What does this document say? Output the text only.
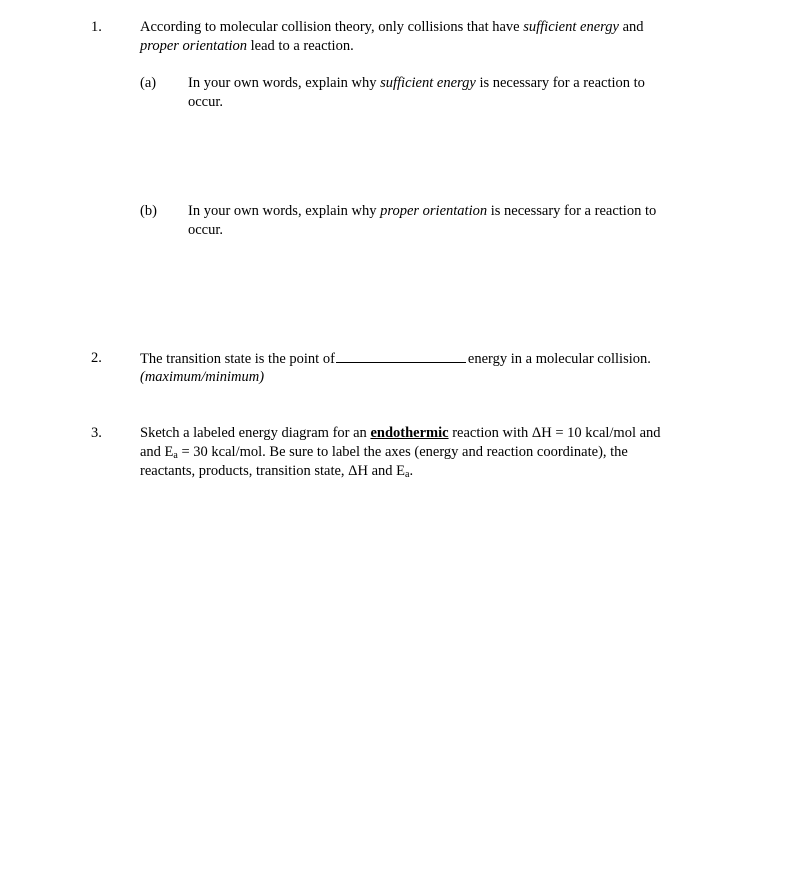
1.	According to molecular collision theory, only collisions that have sufficient energy and
proper orientation lead to a reaction.
(a) In your own words, explain why sufficient energy is necessary for a reaction to
occur.
(b) In your own words, explain why proper orientation is necessary for a reaction to
occur.
2.	The transition state is the point of	energy in a molecular collision.
(maximum/minimum)
3.	Sketch a labeled energy diagram for an endothermic reaction with ΔH = 10 kcal/mol and
and $E_a = 30$ kcal/mol. Be sure to label the axes (energy and reaction coordinate), the
reactants, products, transition state, ΔH and $E_a$.
